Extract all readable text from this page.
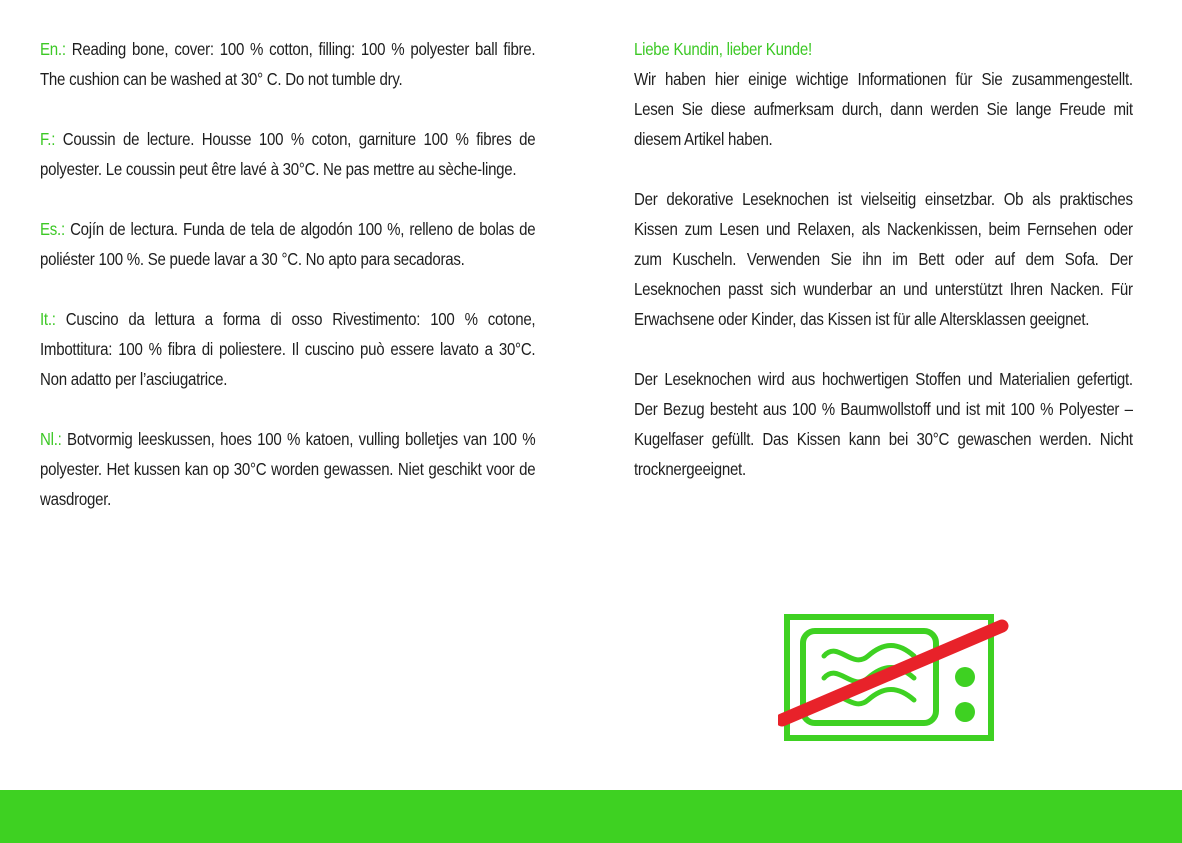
En.: Reading bone, cover: 100 % cotton, filling: 100 % polyester ball fibre. The cushion can be washed at 30° C. Do not tumble dry.

F.: Coussin de lecture. Housse 100 % coton, garniture 100 % fibres de polyester. Le coussin peut être lavé à 30°C. Ne pas mettre au sèche-linge.

Es.: Cojín de lectura. Funda de tela de algodón 100 %, relleno de bolas de poliéster 100 %. Se puede lavar a 30 °C. No apto para secadoras.

It.: Cuscino da lettura a forma di osso Rivestimento: 100 % cotone, Imbottitura: 100 % fibra di poliestere. Il cuscino può essere lavato a 30°C. Non adatto per l’asciugatrice.

Nl.: Botvormig leeskussen, hoes 100 % katoen, vulling bolletjes van 100 % polyester. Het kussen kan op 30°C worden gewassen. Niet geschikt voor de wasdroger.

Liebe Kundin, lieber Kunde!
Wir haben hier einige wichtige Informationen für Sie zusammengestellt. Lesen Sie diese aufmerksam durch, dann werden Sie lange Freude mit diesem Artikel haben.

Der dekorative Leseknochen ist vielseitig einsetzbar. Ob als praktisches Kissen zum Lesen und Relaxen, als Nackenkissen, beim Fernsehen oder zum Kuscheln. Verwenden Sie ihn im Bett oder auf dem Sofa. Der Leseknochen passt sich wunderbar an und unterstützt Ihren Nacken. Für Erwachsene oder Kinder, das Kissen ist für alle Altersklassen geeignet.

Der Leseknochen wird aus hochwertigen Stoffen und Materialien gefertigt. Der Bezug besteht aus 100 % Baumwollstoff und ist mit 100 % Polyester – Kugelfaser gefüllt. Das Kissen kann bei 30°C gewaschen werden. Nicht trocknergeeignet.
